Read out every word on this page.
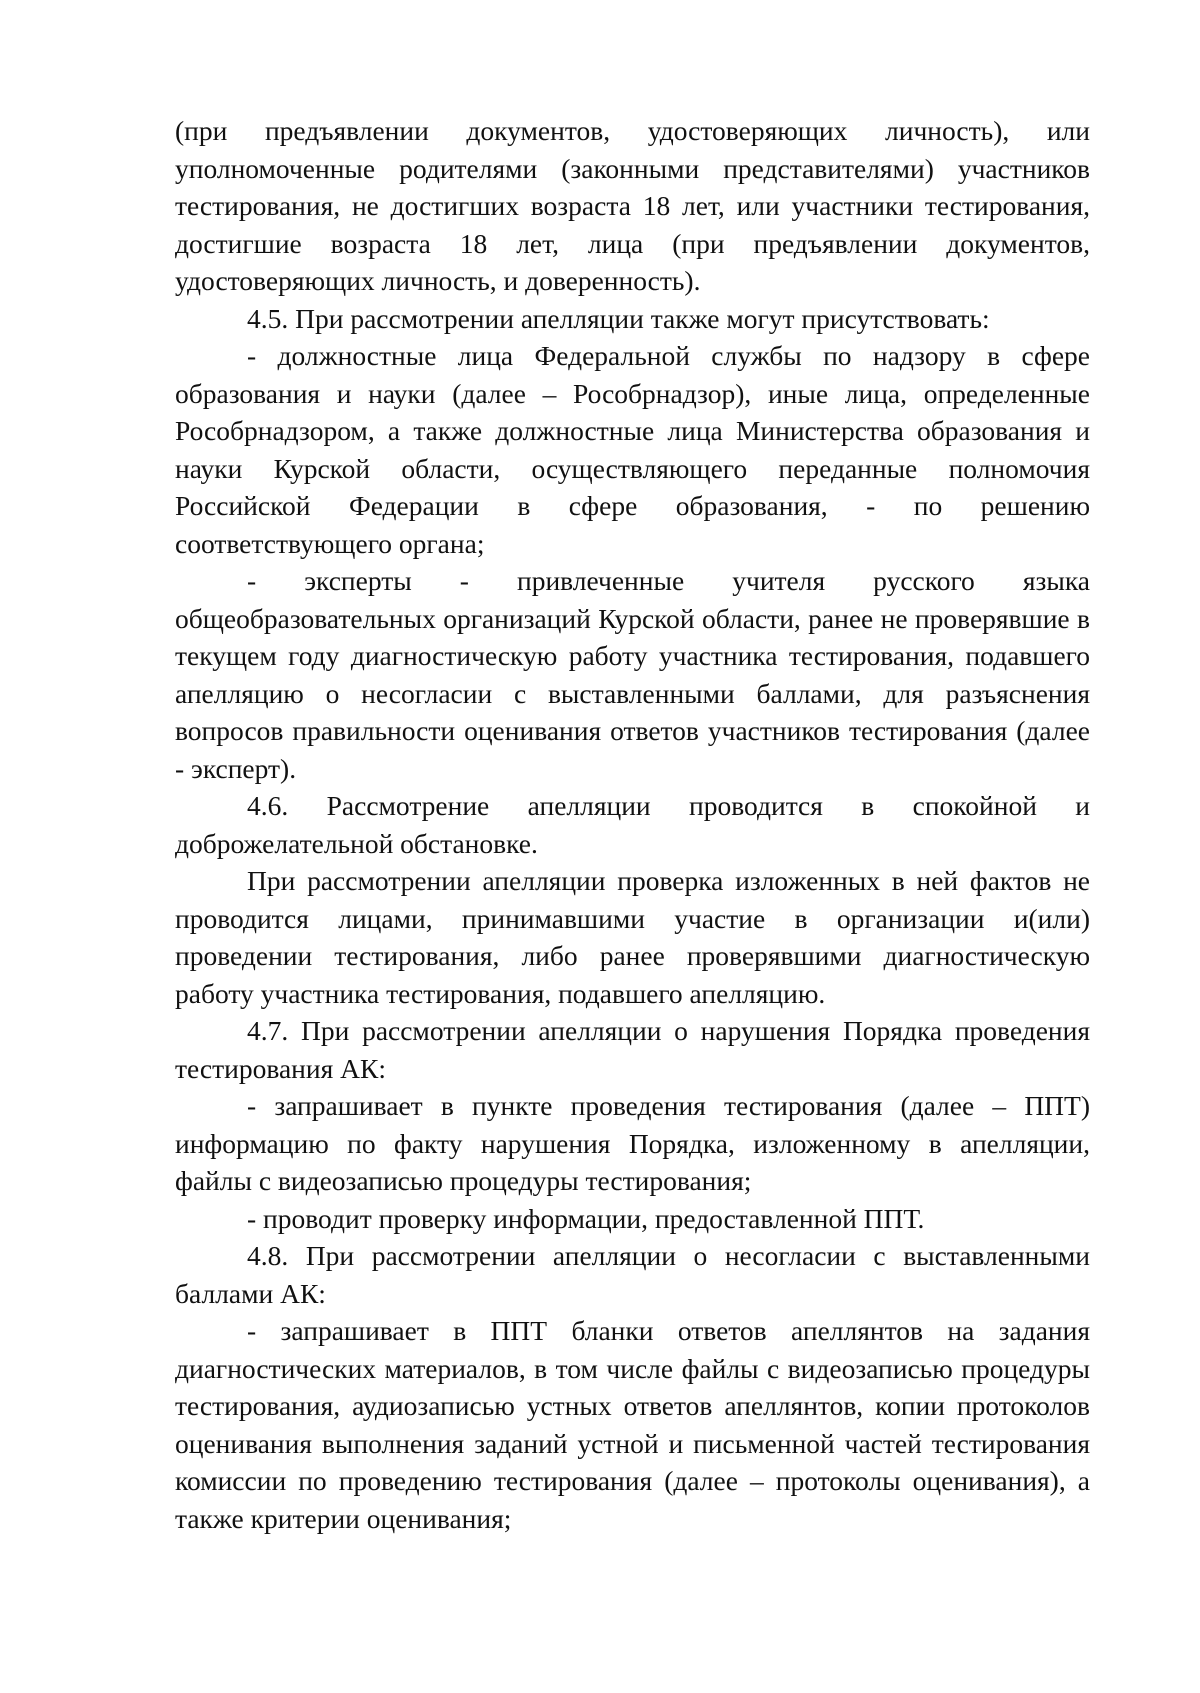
(при предъявлении документов, удостоверяющих личность), или уполномоченные родителями (законными представителями) участников тестирования, не достигших возраста 18 лет, или участники тестирования, достигшие возраста 18 лет, лица (при предъявлении документов, удостоверяющих личность, и доверенность).

4.5. При рассмотрении апелляции также могут присутствовать:

- должностные лица Федеральной службы по надзору в сфере образования и науки (далее – Рособрнадзор), иные лица, определенные Рособрнадзором, а также должностные лица Министерства образования и науки Курской области, осуществляющего переданные полномочия Российской Федерации в сфере образования, - по решению соответствующего органа;

- эксперты - привлеченные учителя русского языка общеобразовательных организаций Курской области, ранее не проверявшие в текущем году диагностическую работу участника тестирования, подавшего апелляцию о несогласии с выставленными баллами, для разъяснения вопросов правильности оценивания ответов участников тестирования (далее - эксперт).

4.6. Рассмотрение апелляции проводится в спокойной и доброжелательной обстановке.

При рассмотрении апелляции проверка изложенных в ней фактов не проводится лицами, принимавшими участие в организации и(или) проведении тестирования, либо ранее проверявшими диагностическую работу участника тестирования, подавшего апелляцию.

4.7. При рассмотрении апелляции о нарушения Порядка проведения тестирования АК:

- запрашивает в пункте проведения тестирования (далее – ППТ) информацию по факту нарушения Порядка, изложенному в апелляции, файлы с видеозаписью процедуры тестирования;

- проводит проверку информации, предоставленной ППТ.

4.8. При рассмотрении апелляции о несогласии с выставленными баллами АК:

- запрашивает в ППТ бланки ответов апеллянтов на задания диагностических материалов, в том числе файлы с видеозаписью процедуры тестирования, аудиозаписью устных ответов апеллянтов, копии протоколов оценивания выполнения заданий устной и письменной частей тестирования комиссии по проведению тестирования (далее – протоколы оценивания), а также критерии оценивания;
